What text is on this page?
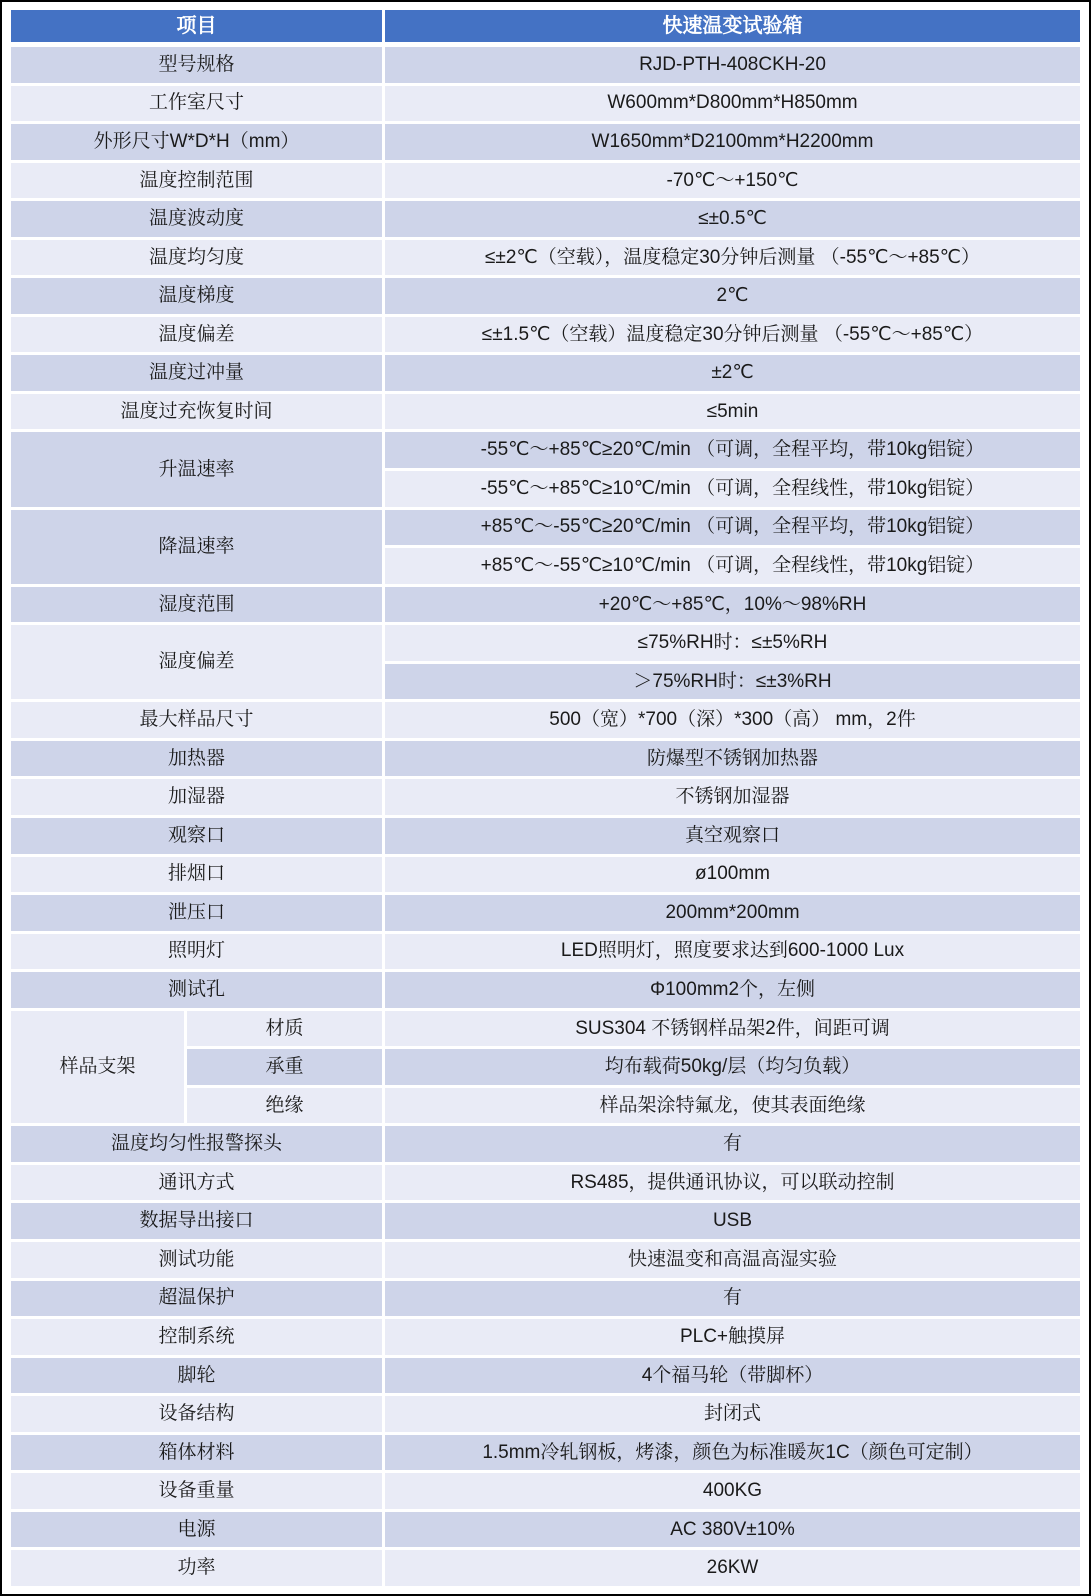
项目		快速温变试验箱
型号规格		RJD-PTH-408CKH-20
工作室尺寸		W600mm*D800mm*H850mm
外形尺寸W*D*H（mm）		W1650mm*D2100mm*H2200mm
温度控制范围		-70℃～+150℃
温度波动度		≤±0.5℃
温度均匀度		≤±2℃（空载），温度稳定30分钟后测量 （-55℃～+85℃）
温度梯度		2℃
温度偏差		≤±1.5℃（空载）温度稳定30分钟后测量 （-55℃～+85℃）
温度过冲量		±2℃
温度过充恢复时间		≤5min
升温速率		-55℃～+85℃≥20℃/min （可调，全程平均，带10kg铝锭）
		-55℃～+85℃≥10℃/min （可调，全程线性，带10kg铝锭）
降温速率		+85℃～-55℃≥20℃/min （可调，全程平均，带10kg铝锭）
		+85℃～-55℃≥10℃/min （可调，全程线性，带10kg铝锭）
湿度范围		+20℃～+85℃，10%～98%RH
湿度偏差		≤75%RH时：≤±5%RH
		＞75%RH时：≤±3%RH
最大样品尺寸		500（宽）*700（深）*300（高） mm，2件
加热器		防爆型不锈钢加热器
加湿器		不锈钢加湿器
观察口		真空观察口
排烟口		ø100mm
泄压口		200mm*200mm
照明灯		LED照明灯，照度要求达到600-1000 Lux
测试孔		Φ100mm2个，左侧
样品支架	材质	SUS304 不锈钢样品架2件，间距可调
	承重	均布载荷50kg/层（均匀负载）
	绝缘	样品架涂特氟龙，使其表面绝缘
温度均匀性报警探头		有
通讯方式		RS485，提供通讯协议，可以联动控制
数据导出接口		USB
测试功能		快速温变和高温高湿实验
超温保护		有
控制系统		PLC+触摸屏
脚轮		4个福马轮（带脚杯）
设备结构		封闭式
箱体材料		1.5mm冷轧钢板，烤漆，颜色为标准暖灰1C（颜色可定制）
设备重量		400KG
电源		AC 380V±10%
功率		26KW
